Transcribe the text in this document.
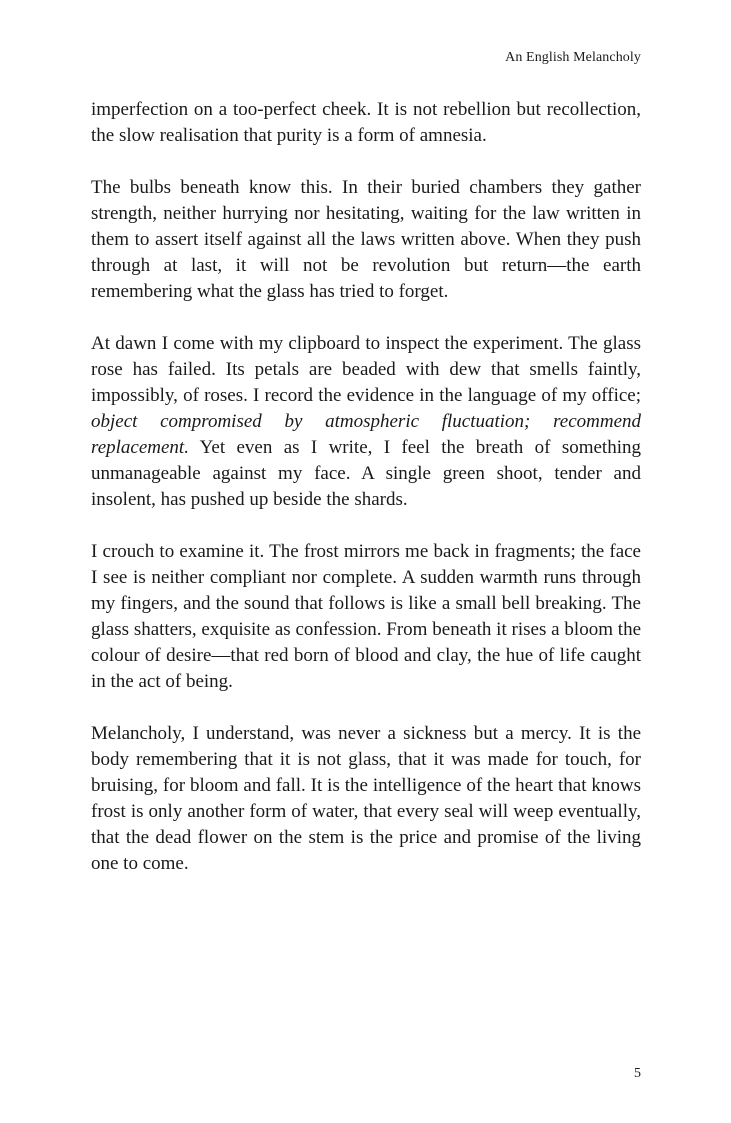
An English Melancholy

imperfection on a too-perfect cheek. It is not rebellion but recollection, the slow realisation that purity is a form of amnesia.

The bulbs beneath know this. In their buried chambers they gather strength, neither hurrying nor hesitating, waiting for the law written in them to assert itself against all the laws written above. When they push through at last, it will not be revolution but return—the earth remembering what the glass has tried to forget.

At dawn I come with my clipboard to inspect the experiment. The glass rose has failed. Its petals are beaded with dew that smells faintly, impossibly, of roses. I record the evidence in the language of my office; object compromised by atmospheric fluctuation; recommend replacement. Yet even as I write, I feel the breath of something unmanageable against my face. A single green shoot, tender and insolent, has pushed up beside the shards.

I crouch to examine it. The frost mirrors me back in fragments; the face I see is neither compliant nor complete. A sudden warmth runs through my fingers, and the sound that follows is like a small bell breaking. The glass shatters, exquisite as confession. From beneath it rises a bloom the colour of desire—that red born of blood and clay, the hue of life caught in the act of being.

Melancholy, I understand, was never a sickness but a mercy. It is the body remembering that it is not glass, that it was made for touch, for bruising, for bloom and fall. It is the intelligence of the heart that knows frost is only another form of water, that every seal will weep eventually, that the dead flower on the stem is the price and promise of the living one to come.

5
